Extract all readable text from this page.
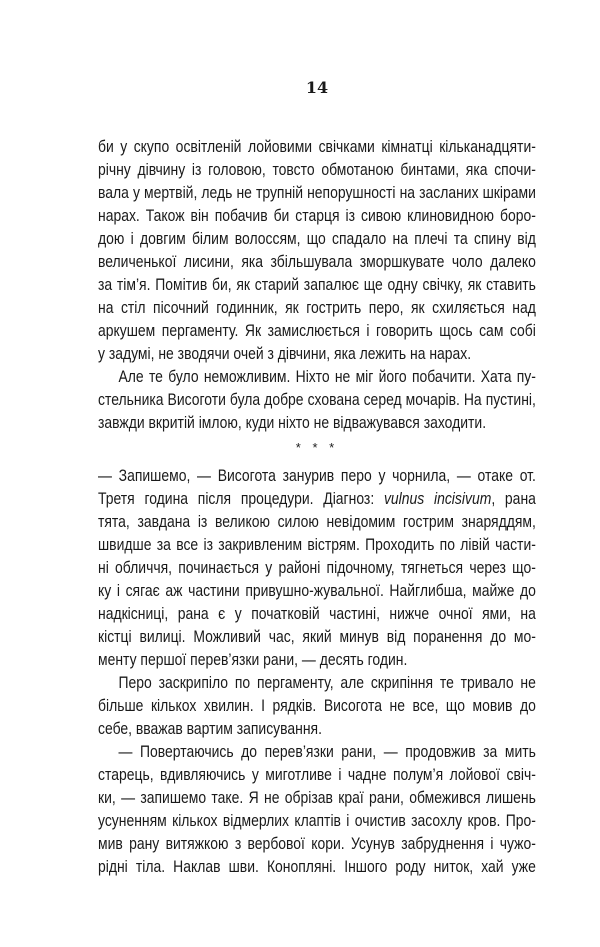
14
би у скупо освітленій лойовими свічками кімнатці кільканадцяти-
річну дівчину із головою, товсто обмотаною бинтами, яка спочи-
вала у мертвій, ледь не трупній непорушності на засланих шкірами
нарах. Також він побачив би старця із сивою клиновидною боро-
дою і довгим білим волоссям, що спадало на плечі та спину від
величенької лисини, яка збільшувала зморшкувате чоло далеко
за тім’я. Помітив би, як старий запалює ще одну свічку, як ставить
на стіл пісочний годинник, як гострить перо, як схиляється над
аркушем пергаменту. Як замислюється і говорить щось сам собі
у задумі, не зводячи очей з дівчини, яка лежить на нарах.
Але те було неможливим. Ніхто не міг його побачити. Хата пу-
стельника Висоготи була добре схована серед мочарів. На пустині,
завжди вкритій імлою, куди ніхто не відважувався заходити.
* * *
— Запишемо, — Висогота занурив перо у чорнила, — отаке от.
Третя година після процедури. Діагноз: vulnus incisivum, рана
тята, завдана із великою силою невідомим гострим знаряддям,
швидше за все із закривленим вістрям. Проходить по лівій части-
ні обличчя, починається у районі підочному, тягнеться через що-
ку і сягає аж частини привушно-жувальної. Найглибша, майже до
надкісниці, рана є у початковій частині, нижче очної ями, на
кістці вилиці. Можливий час, який минув від поранення до мо-
менту першої перев’язки рани, — десять годин.
Перо заскрипіло по пергаменту, але скрипіння те тривало не
більше кількох хвилин. І рядків. Висогота не все, що мовив до
себе, вважав вартим записування.
— Повертаючись до перев’язки рани, — продовжив за мить
старець, вдивляючись у миготливе і чадне полум’я лойової свіч-
ки, — запишемо таке. Я не обрізав краї рани, обмежився лишень
усуненням кількох відмерлих клаптів і очистив засохлу кров. Про-
мив рану витяжкою з вербової кори. Усунув забруднення і чужо-
рідні тіла. Наклав шви. Конопляні. Іншого роду ниток, хай уже
